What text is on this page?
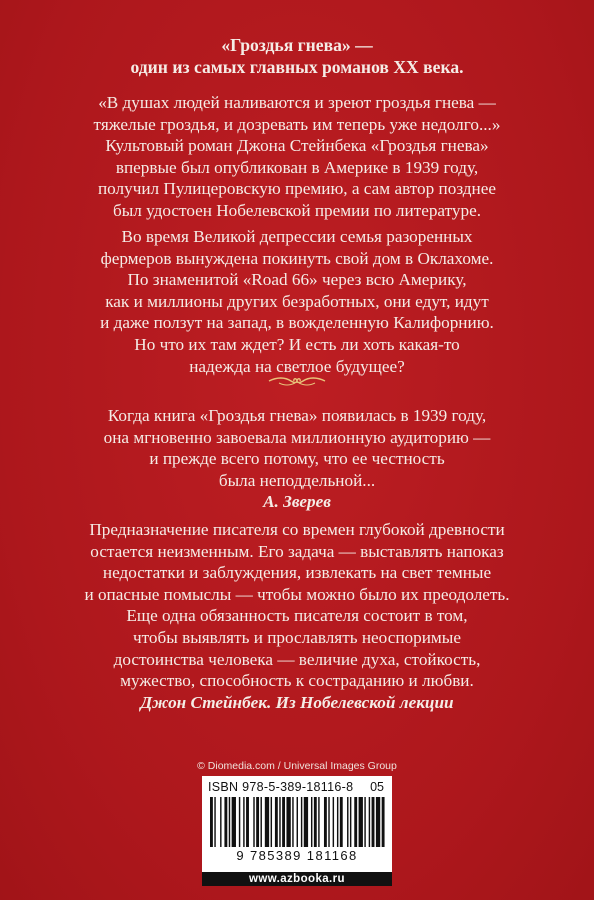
«Гроздья гнева» —
один из самых главных романов XX века.
«В душах людей наливаются и зреют гроздья гнева —
тяжелые гроздья, и дозревать им теперь уже недолго...»
Культовый роман Джона Стейнбека «Гроздья гнева»
впервые был опубликован в Америке в 1939 году,
получил Пулицеровскую премию, а сам автор позднее
был удостоен Нобелевской премии по литературе.
Во время Великой депрессии семья разоренных
фермеров вынуждена покинуть свой дом в Оклахоме.
По знаменитой «Road 66» через всю Америку,
как и миллионы других безработных, они едут, идут
и даже ползут на запад, в вожделенную Калифорнию.
Но что их там ждет? И есть ли хоть какая-то
надежда на светлое будущее?
Когда книга «Гроздья гнева» появилась в 1939 году,
она мгновенно завоевала миллионную аудиторию —
и прежде всего потому, что ее честность
была неподдельной...
А. Зверев
Предназначение писателя со времен глубокой древности
остается неизменным. Его задача — выставлять напоказ
недостатки и заблуждения, извлекать на свет темные
и опасные помыслы — чтобы можно было их преодолеть.
Еще одна обязанность писателя состоит в том,
чтобы выявлять и прославлять неоспоримые
достоинства человека — величие духа, стойкость,
мужество, способность к состраданию и любви.
Джон Стейнбек. Из Нобелевской лекции
© Diomedia.com / Universal Images Group
ISBN 978-5-389-18116-8 05
9 785389 181168
www.azbooka.ru
